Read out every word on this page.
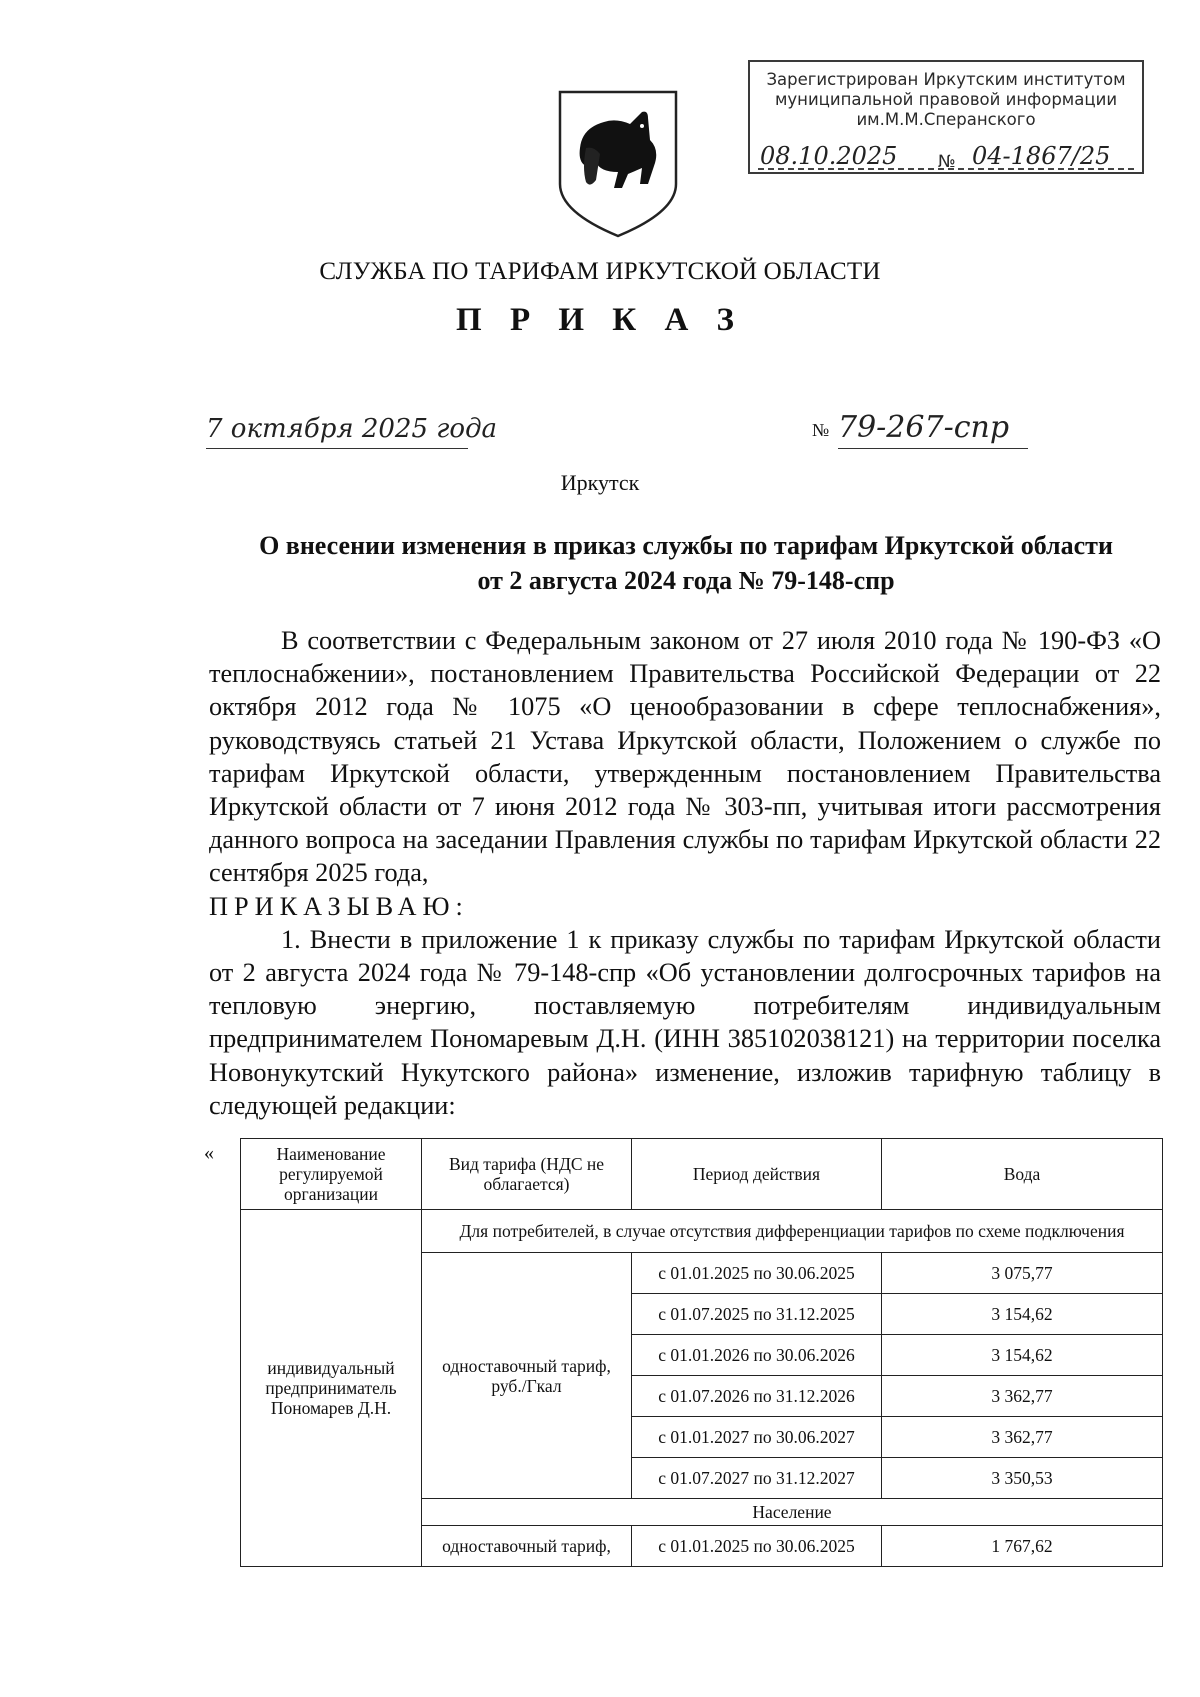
Зарегистрирован Иркутским институтом
муниципальной правовой информации
им.М.М.Сперанского
08.10.2025 № 04-1867/25
СЛУЖБА ПО ТАРИФАМ ИРКУТСКОЙ ОБЛАСТИ
П Р И К А З
7 октября 2025 года	№ 79-267-спр
Иркутск
О внесении изменения в приказ службы по тарифам Иркутской области
от 2 августа 2024 года № 79-148-спр

В соответствии с Федеральным законом от 27 июля 2010 года № 190-ФЗ «О теплоснабжении», постановлением Правительства Российской Федерации от 22 октября 2012 года № 1075 «О ценообразовании в сфере теплоснабжения», руководствуясь статьей 21 Устава Иркутской области, Положением о службе по тарифам Иркутской области, утвержденным постановлением Правительства Иркутской области от 7 июня 2012 года № 303-пп, учитывая итоги рассмотрения данного вопроса на заседании Правления службы по тарифам Иркутской области 22 сентября 2025 года,

ПРИКАЗЫВАЮ:

1. Внести в приложение 1 к приказу службы по тарифам Иркутской области от 2 августа 2024 года № 79-148-спр «Об установлении долгосрочных тарифов на тепловую энергию, поставляемую потребителям индивидуальным предпринимателем Пономаревым Д.Н. (ИНН 385102038121) на территории поселка Новонукутский Нукутского района» изменение, изложив тарифную таблицу в следующей редакции:

«	Наименование регулируемой организации	Вид тарифа (НДС не облагается)	Период действия	Вода
индивидуальный предприниматель Пономарев Д.Н.	Для потребителей, в случае отсутствия дифференциации тарифов по схеме подключения		
	одноставочный тариф, руб./Гкал	с 01.01.2025 по 30.06.2025	3 075,77
		с 01.07.2025 по 31.12.2025	3 154,62
		с 01.01.2026 по 30.06.2026	3 154,62
		с 01.07.2026 по 31.12.2026	3 362,77
		с 01.01.2027 по 30.06.2027	3 362,77
		с 01.07.2027 по 31.12.2027	3 350,53
	Население		
	одноставочный тариф,	с 01.01.2025 по 30.06.2025	1 767,62
